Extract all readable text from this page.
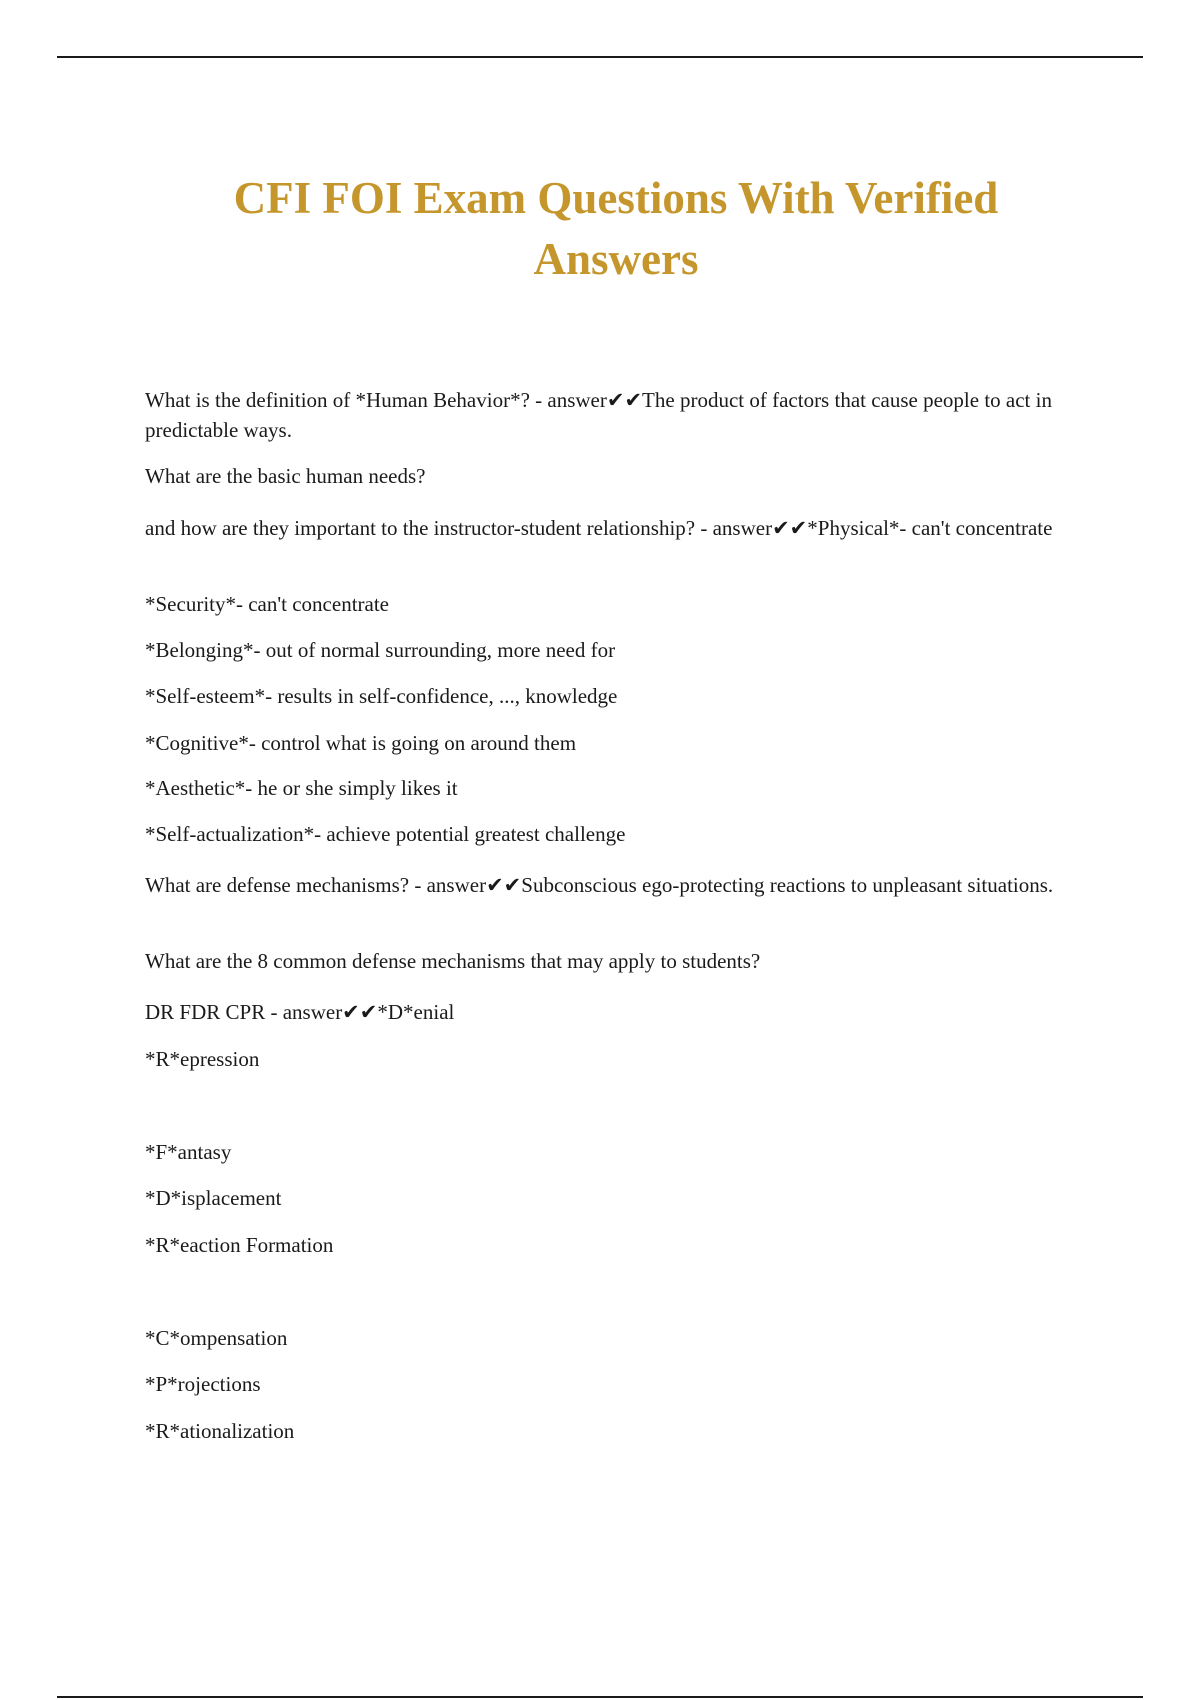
CFI FOI Exam Questions With Verified
Answers

What is the definition of *Human Behavior*? - answer✔✔The product of factors that cause people to act in predictable ways.

What are the basic human needs?

and how are they important to the instructor-student relationship? - answer✔✔*Physical*- can't concentrate

*Security*- can't concentrate

*Belonging*- out of normal surrounding, more need for

*Self-esteem*- results in self-confidence, ..., knowledge

*Cognitive*- control what is going on around them

*Aesthetic*- he or she simply likes it

*Self-actualization*- achieve potential greatest challenge

What are defense mechanisms? - answer✔✔Subconscious ego-protecting reactions to unpleasant situations.

What are the 8 common defense mechanisms that may apply to students?

DR FDR CPR - answer✔✔*D*enial

*R*epression

*F*antasy

*D*isplacement

*R*eaction Formation

*C*ompensation

*P*rojections

*R*ationalization
